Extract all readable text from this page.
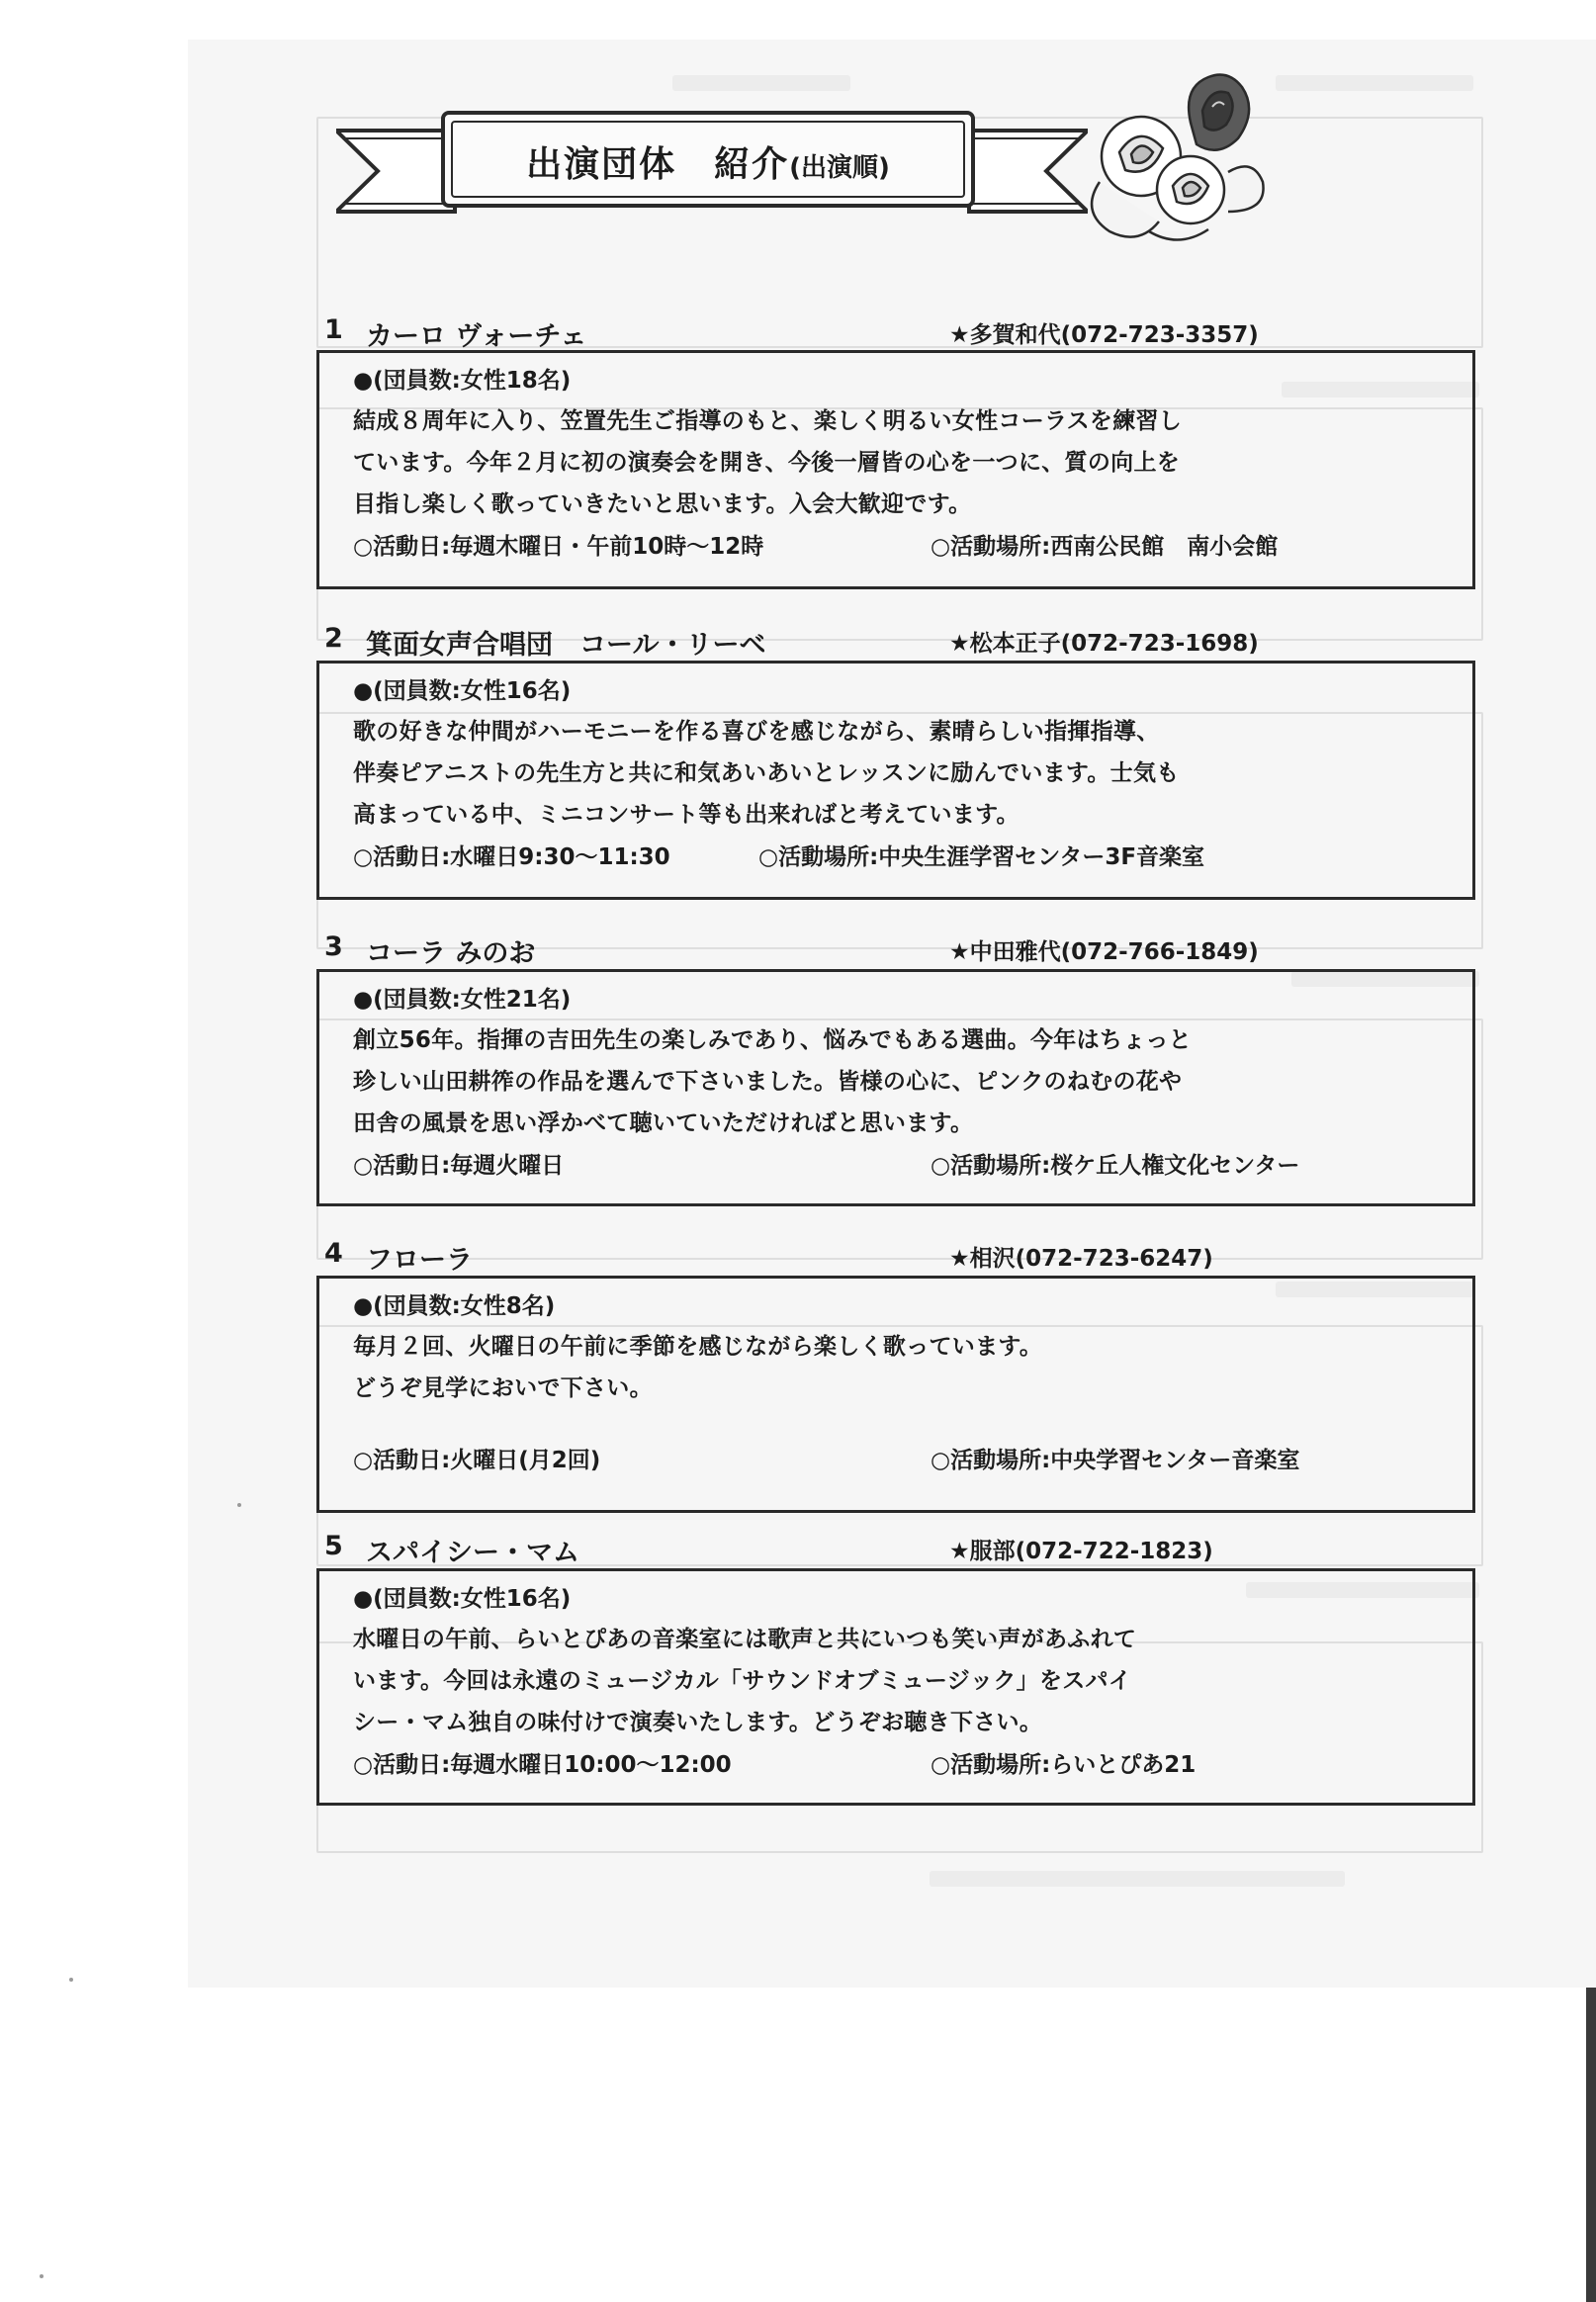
出演団体　紹介(出演順)
1 カーロ ヴォーチェ	★多賀和代(072-723-3357)
●(団員数:女性18名)
結成８周年に入り、笠置先生ご指導のもと、楽しく明るい女性コーラスを練習し
ています。今年２月に初の演奏会を開き、今後一層皆の心を一つに、質の向上を
目指し楽しく歌っていきたいと思います。入会大歓迎です。
○活動日:毎週木曜日・午前10時～12時	○活動場所:西南公民館　南小会館
2 箕面女声合唱団　コール・リーベ	★松本正子(072-723-1698)
●(団員数:女性16名)
歌の好きな仲間がハーモニーを作る喜びを感じながら、素晴らしい指揮指導、
伴奏ピアニストの先生方と共に和気あいあいとレッスンに励んでいます。士気も
高まっている中、ミニコンサート等も出来ればと考えています。
○活動日:水曜日9:30～11:30	○活動場所:中央生涯学習センター3F音楽室
3 コーラ みのお	★中田雅代(072-766-1849)
●(団員数:女性21名)
創立56年。指揮の吉田先生の楽しみであり、悩みでもある選曲。今年はちょっと
珍しい山田耕筰の作品を選んで下さいました。皆様の心に、ピンクのねむの花や
田舎の風景を思い浮かべて聴いていただければと思います。
○活動日:毎週火曜日	○活動場所:桜ケ丘人権文化センター
4 フローラ	★相沢(072-723-6247)
●(団員数:女性8名)
毎月２回、火曜日の午前に季節を感じながら楽しく歌っています。
どうぞ見学においで下さい。
○活動日:火曜日(月2回)	○活動場所:中央学習センター音楽室
5 スパイシー・マム	★服部(072-722-1823)
●(団員数:女性16名)
水曜日の午前、らいとぴあの音楽室には歌声と共にいつも笑い声があふれて
います。今回は永遠のミュージカル「サウンドオブミュージック」をスパイ
シー・マム独自の味付けで演奏いたします。どうぞお聴き下さい。
○活動日:毎週水曜日10:00～12:00	○活動場所:らいとぴあ21
